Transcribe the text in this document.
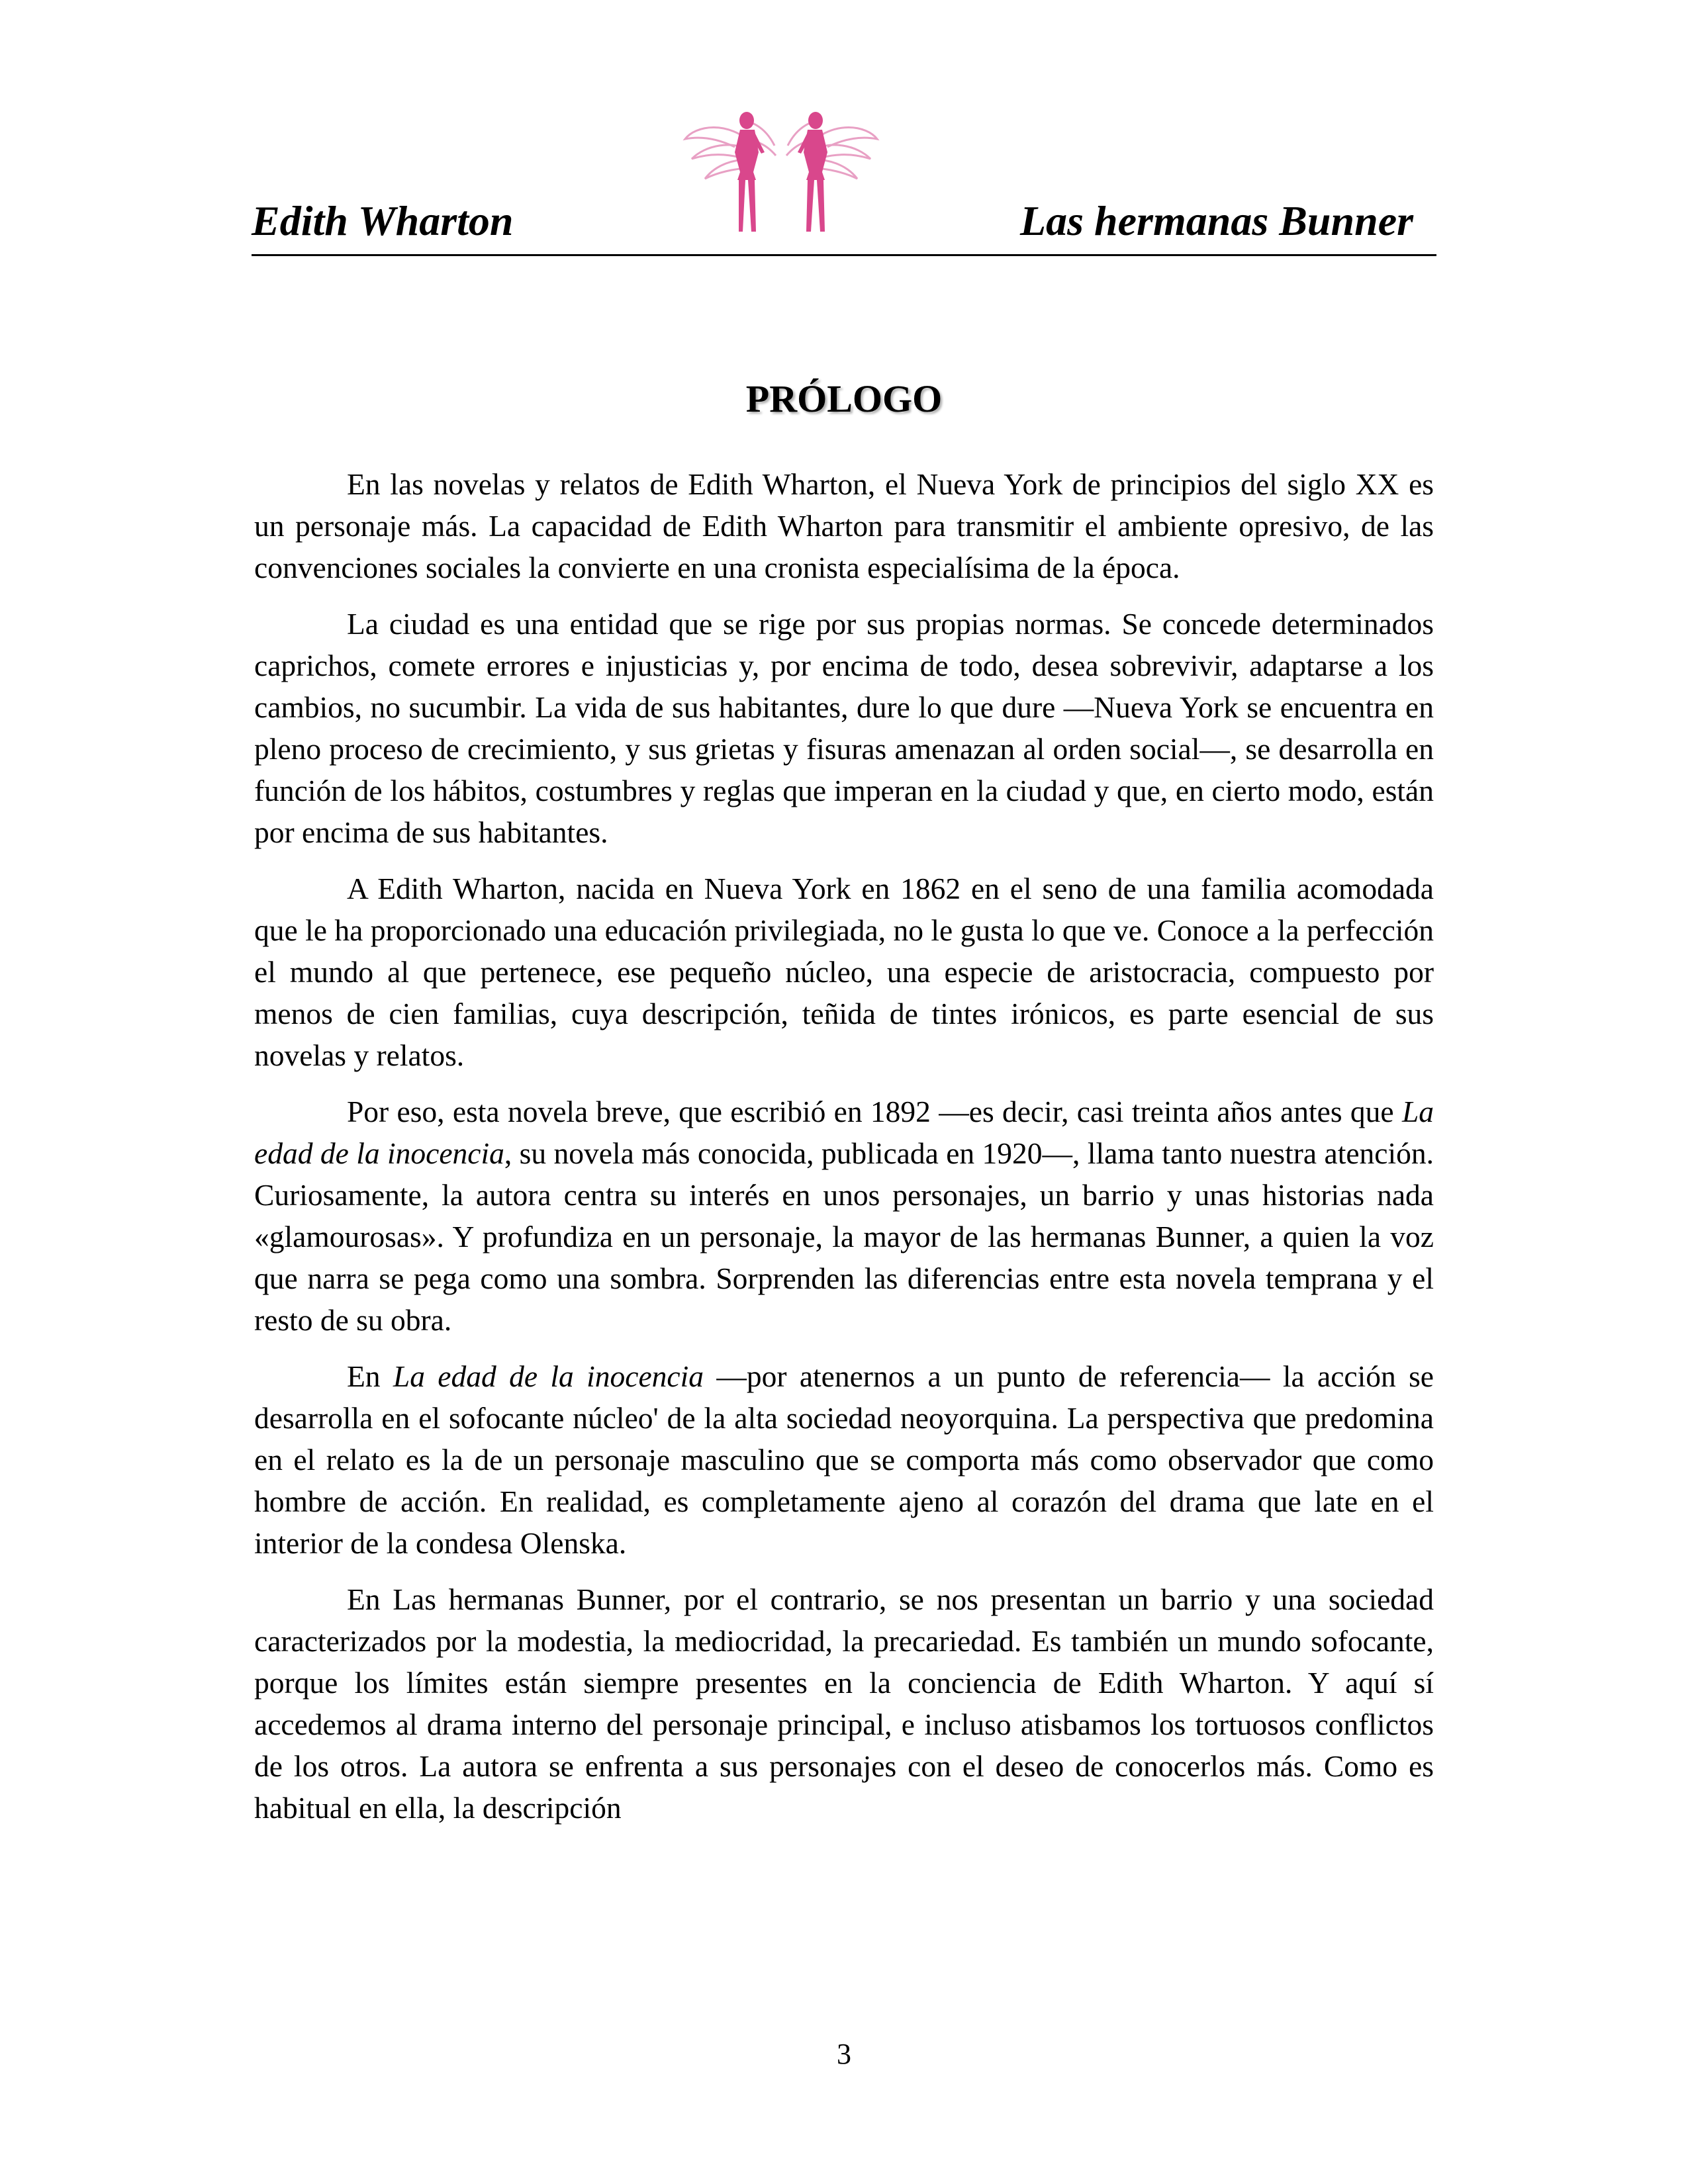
Edith Wharton	Las hermanas Bunner
PRÓLOGO

En las novelas y relatos de Edith Wharton, el Nueva York de principios del siglo XX es un personaje más. La capacidad de Edith Wharton para transmitir el ambiente opresivo, de las convenciones sociales la convierte en una cronista especialísima de la época.

La ciudad es una entidad que se rige por sus propias normas. Se concede determinados caprichos, comete errores e injusticias y, por encima de todo, desea sobrevivir, adaptarse a los cambios, no sucumbir. La vida de sus habitantes, dure lo que dure —Nueva York se encuentra en pleno proceso de crecimiento, y sus grietas y fisuras amenazan al orden social—, se desarrolla en función de los hábitos, costumbres y reglas que imperan en la ciudad y que, en cierto modo, están por encima de sus habitantes.

A Edith Wharton, nacida en Nueva York en 1862 en el seno de una familia acomodada que le ha proporcionado una educación privilegiada, no le gusta lo que ve. Conoce a la perfección el mundo al que pertenece, ese pequeño núcleo, una especie de aristocracia, compuesto por menos de cien familias, cuya descripción, teñida de tintes irónicos, es parte esencial de sus novelas y relatos.

Por eso, esta novela breve, que escribió en 1892 —es decir, casi treinta años antes que La edad de la inocencia, su novela más conocida, publicada en 1920—, llama tanto nuestra atención. Curiosamente, la autora centra su interés en unos personajes, un barrio y unas historias nada «glamourosas». Y profundiza en un personaje, la mayor de las hermanas Bunner, a quien la voz que narra se pega como una sombra. Sorprenden las diferencias entre esta novela temprana y el resto de su obra.

En La edad de la inocencia —por atenernos a un punto de referencia— la acción se desarrolla en el sofocante núcleo' de la alta sociedad neoyorquina. La perspectiva que predomina en el relato es la de un personaje masculino que se comporta más como observador que como hombre de acción. En realidad, es completamente ajeno al corazón del drama que late en el interior de la condesa Olenska.

En Las hermanas Bunner, por el contrario, se nos presentan un barrio y una sociedad caracterizados por la modestia, la mediocridad, la precariedad. Es también un mundo sofocante, porque los límites están siempre presentes en la conciencia de Edith Wharton. Y aquí sí accedemos al drama interno del personaje principal, e incluso atisbamos los tortuosos conflictos de los otros. La autora se enfrenta a sus personajes con el deseo de conocerlos más. Como es habitual en ella, la descripción

3
